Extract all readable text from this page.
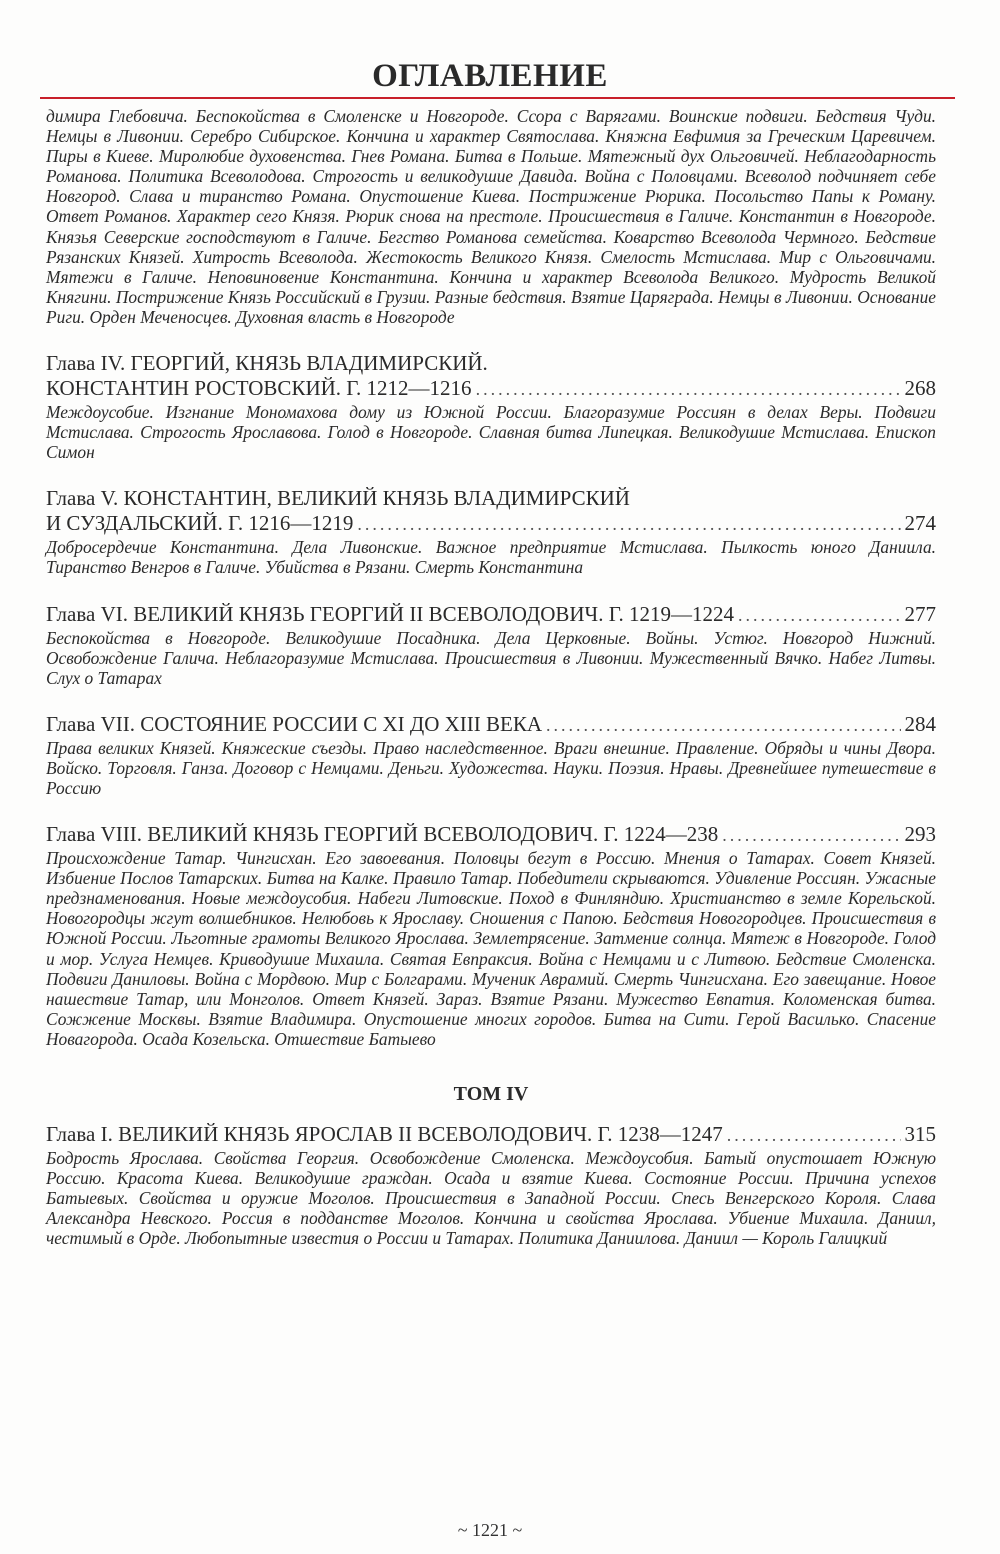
ОГЛАВЛЕНИЕ

димира Глебовича. Беспокойства в Смоленске и Новгороде. Ссора с Варягами. Воинские подвиги. Бедствия Чуди. Немцы в Ливонии. Серебро Сибирское. Кончина и характер Святослава. Княжна Евфимия за Греческим Царевичем. Пиры в Киеве. Миролюбие духовенства. Гнев Романа. Битва в Польше. Мятежный дух Ольговичей. Неблагодарность Романова. Политика Всеволодова. Строгость и великодушие Давида. Война с Половцами. Всеволод подчиняет себе Новгород. Слава и тиранство Романа. Опустошение Киева. Пострижение Рюрика. Посольство Папы к Роману. Ответ Романов. Характер сего Князя. Рюрик снова на престоле. Происшествия в Галиче. Константин в Новгороде. Князья Северские господствуют в Галиче. Бегство Романова семейства. Коварство Всеволода Чермного. Бедствие Рязанских Князей. Хитрость Всеволода. Жестокость Великого Князя. Смелость Мстислава. Мир с Ольговичами. Мятежи в Галиче. Неповиновение Константина. Кончина и характер Всеволода Великого. Мудрость Великой Княгини. Пострижение Князь Российский в Грузии. Разные бедствия. Взятие Царяграда. Немцы в Ливонии. Основание Риги. Орден Меченосцев. Духовная власть в Новгороде

Глава IV. ГЕОРГИЙ, КНЯЗЬ ВЛАДИМИРСКИЙ.
КОНСТАНТИН РОСТОВСКИЙ. Г. 1212—1216 .....	268

Междоусобие. Изгнание Мономахова дому из Южной России. Благоразумие Россиян в делах Веры. Подвиги Мстислава. Строгость Ярославова. Голод в Новгороде. Славная битва Липецкая. Великодушие Мстислава. Епископ Симон

Глава V. КОНСТАНТИН, ВЕЛИКИЙ КНЯЗЬ ВЛАДИМИРСКИЙ
И СУЗДАЛЬСКИЙ. Г. 1216—1219 .....	274

Добросердечие Константина. Дела Ливонские. Важное предприятие Мстислава. Пылкость юного Даниила. Тиранство Венгров в Галиче. Убийства в Рязани. Смерть Константина

Глава VI. ВЕЛИКИЙ КНЯЗЬ ГЕОРГИЙ II ВСЕВОЛОДОВИЧ. Г. 1219—1224 .....	277

Беспокойства в Новгороде. Великодушие Посадника. Дела Церковные. Войны. Устюг. Новгород Нижний. Освобождение Галича. Неблагоразумие Мстислава. Происшествия в Ливонии. Мужественный Вячко. Набег Литвы. Слух о Татарах

Глава VII. СОСТОЯНИЕ РОССИИ С XI ДО XIII ВЕКА .....	284

Права великих Князей. Княжеские съезды. Право наследственное. Враги внешние. Правление. Обряды и чины Двора. Войско. Торговля. Ганза. Договор с Немцами. Деньги. Художества. Науки. Поэзия. Нравы. Древнейшее путешествие в Россию

Глава VIII. ВЕЛИКИЙ КНЯЗЬ ГЕОРГИЙ ВСЕВОЛОДОВИЧ. Г. 1224—238 .....	293

Происхождение Татар. Чингисхан. Его завоевания. Половцы бегут в Россию. Мнения о Татарах. Совет Князей. Избиение Послов Татарских. Битва на Калке. Правило Татар. Победители скрываются. Удивление Россиян. Ужасные предзнаменования. Новые междоусобия. Набеги Литовские. Поход в Финляндию. Христианство в земле Корельской. Новогородцы жгут волшебников. Нелюбовь к Ярославу. Сношения с Папою. Бедствия Новогородцев. Происшествия в Южной России. Льготные грамоты Великого Ярослава. Землетрясение. Затмение солнца. Мятеж в Новгороде. Голод и мор. Услуга Немцев. Криводушие Михаила. Святая Евпраксия. Война с Немцами и с Литвою. Бедствие Смоленска. Подвиги Даниловы. Война с Мордвою. Мир с Болгарами. Мученик Аврамий. Смерть Чингисхана. Его завещание. Новое нашествие Татар, или Монголов. Ответ Князей. Зараз. Взятие Рязани. Мужество Евпатия. Коломенская битва. Сожжение Москвы. Взятие Владимира. Опустошение многих городов. Битва на Сити. Герой Василько. Спасение Новагорода. Осада Козельска. Отшествие Батыево

ТОМ IV
Глава I. ВЕЛИКИЙ КНЯЗЬ ЯРОСЛАВ II ВСЕВОЛОДОВИЧ. Г. 1238—1247 .....	315

Бодрость Ярослава. Свойства Георгия. Освобождение Смоленска. Междоусобия. Батый опустошает Южную Россию. Красота Киева. Великодушие граждан. Осада и взятие Киева. Состояние России. Причина успехов Батыевых. Свойства и оружие Моголов. Происшествия в Западной России. Спесь Венгерского Короля. Слава Александра Невского. Россия в подданстве Моголов. Кончина и свойства Ярослава. Убиение Михаила. Даниил, честимый в Орде. Любопытные известия о России и Татарах. Политика Даниилова. Даниил — Король Галицкий

~ 1221 ~
